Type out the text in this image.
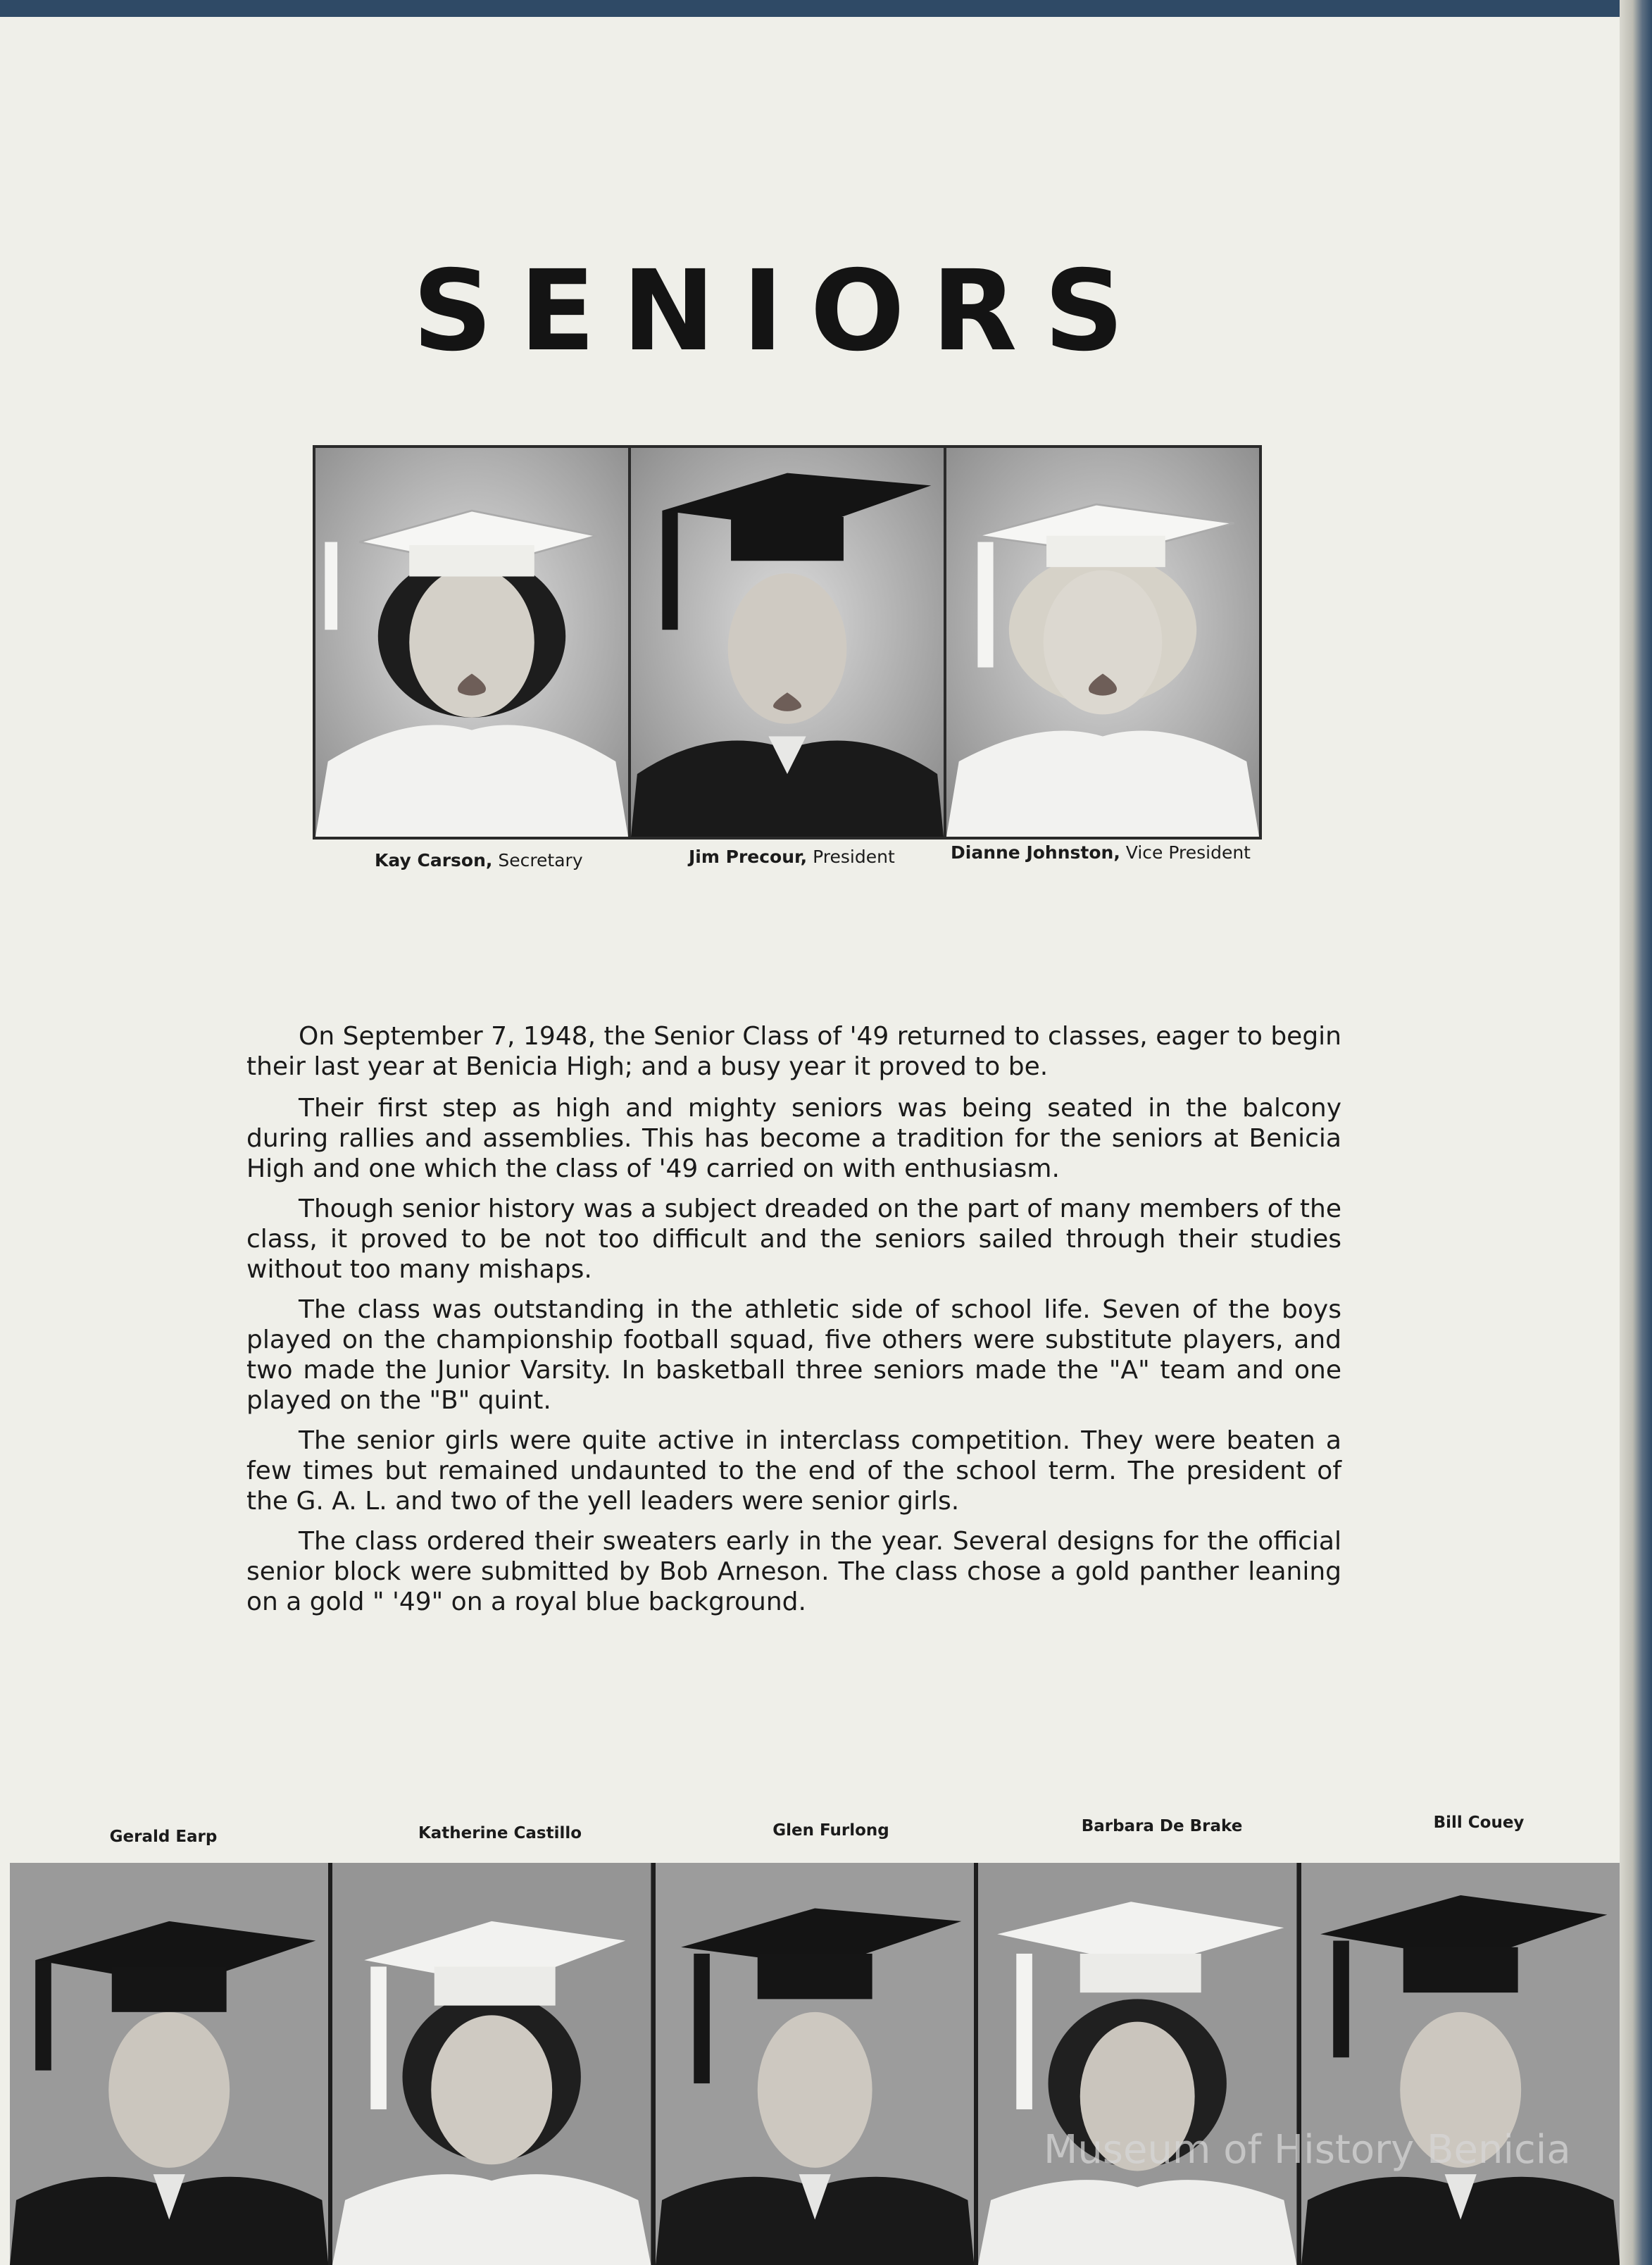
SENIORS
Kay Carson, Secretary	Jim Precour, President	Dianne Johnston, Vice President

On September 7, 1948, the Senior Class of '49 returned to classes, eager to begin their last year at Benicia High; and a busy year it proved to be.

Their first step as high and mighty seniors was being seated in the balcony during rallies and assemblies. This has become a tradition for the seniors at Benicia High and one which the class of '49 carried on with enthusiasm.

Though senior history was a subject dreaded on the part of many members of the class, it proved to be not too difficult and the seniors sailed through their studies without too many mishaps.

The class was outstanding in the athletic side of school life. Seven of the boys played on the championship football squad, five others were substitute players, and two made the Junior Varsity. In basketball three seniors made the "A" team and one played on the "B" quint.

The senior girls were quite active in interclass competition. They were beaten a few times but remained undaunted to the end of the school term. The president of the G. A. L. and two of the yell leaders were senior girls.

The class ordered their sweaters early in the year. Several designs for the official senior block were submitted by Bob Arneson. The class chose a gold panther leaning on a gold " '49" on a royal blue background.

Gerald Earp	Katherine Castillo	Glen Furlong	Barbara De Brake	Bill Couey
Museum of History Benicia
